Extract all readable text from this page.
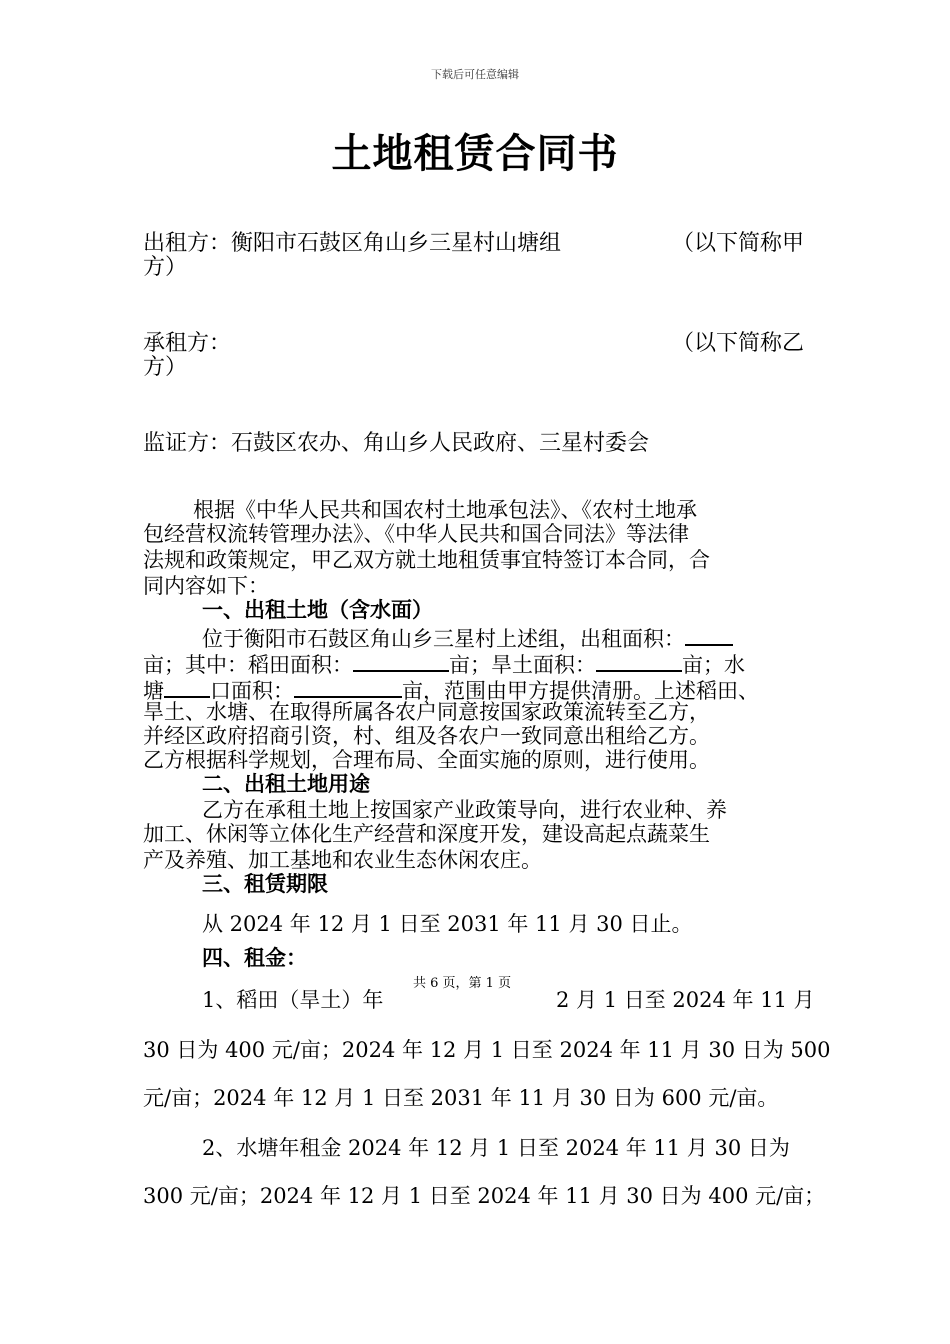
下载后可任意编辑
土地租赁合同书
出租方：衡阳市石鼓区角山乡三星村山塘组	（以下简称甲
方）
承租方：	（以下简称乙
方）
监证方：石鼓区农办、角山乡人民政府、三星村委会
根据《中华人民共和国农村土地承包法》、《农村土地承
包经营权流转管理办法》、《中华人民共和国合同法》等法律
法规和政策规定，甲乙双方就土地租赁事宜特签订本合同，合
同内容如下：
一、出租土地（含水面）
位于衡阳市石鼓区角山乡三星村上述组，出租面积：
亩；其中：稻田面积：	亩；旱土面积：	亩；水
塘 口面积：	亩，范围由甲方提供清册。上述稻田、
旱土、水塘、在取得所属各农户同意按国家政策流转至乙方，
并经区政府招商引资，村、组及各农户一致同意出租给乙方。
乙方根据科学规划，合理布局、全面实施的原则，进行使用。
二、出租土地用途
乙方在承租土地上按国家产业政策导向，进行农业种、养
加工、休闲等立体化生产经营和深度开发，建设高起点蔬菜生
产及养殖、加工基地和农业生态休闲农庄。
三、租赁期限
从 2024 年 12 月 1 日至 2031 年 11 月 30 日止。
四、租金：
1、稻田（旱土）年
共 6 页，第 1 页
2 月 1 日至 2024 年 11 月
30 日为 400 元/亩；2024 年 12 月 1 日至 2024 年 11 月 30 日为 500
元/亩；2024 年 12 月 1 日至 2031 年 11 月 30 日为 600 元/亩。
2、水塘年租金 2024 年 12 月 1 日至 2024 年 11 月 30 日为
300 元/亩；2024 年 12 月 1 日至 2024 年 11 月 30 日为 400 元/亩；
